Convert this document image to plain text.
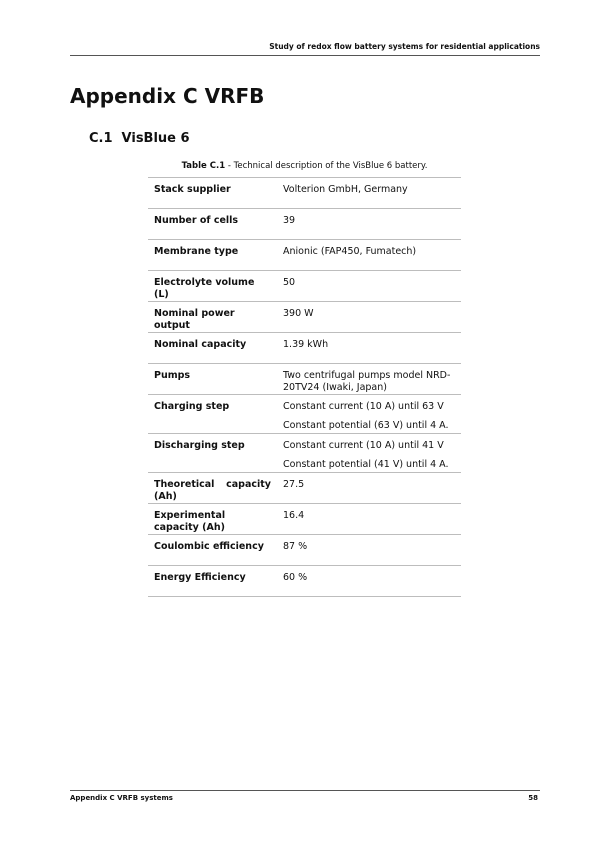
Study of redox flow battery systems for residential applications
Appendix C VRFB
C.1 VisBlue 6
Table C.1 - Technical description of the VisBlue 6 battery.
Stack supplier	Volterion GmbH, Germany
Number of cells	39
Membrane type	Anionic (FAP450, Fumatech)
Electrolyte volume (L)	50
Nominal power output	390 W
Nominal capacity	1.39 kWh
Pumps	Two centrifugal pumps model NRD-20TV24 (Iwaki, Japan)
Charging step	Constant current (10 A) until 63 V
Constant potential (63 V) until 4 A.

Discharging step	Constant current (10 A) until 41 V
Constant potential (41 V) until 4 A.

Theoretical capacity (Ah)	27.5
Experimental capacity (Ah)	16.4
Coulombic efficiency	87 %
Energy Efficiency	60 %
Appendix C VRFB systems	58
